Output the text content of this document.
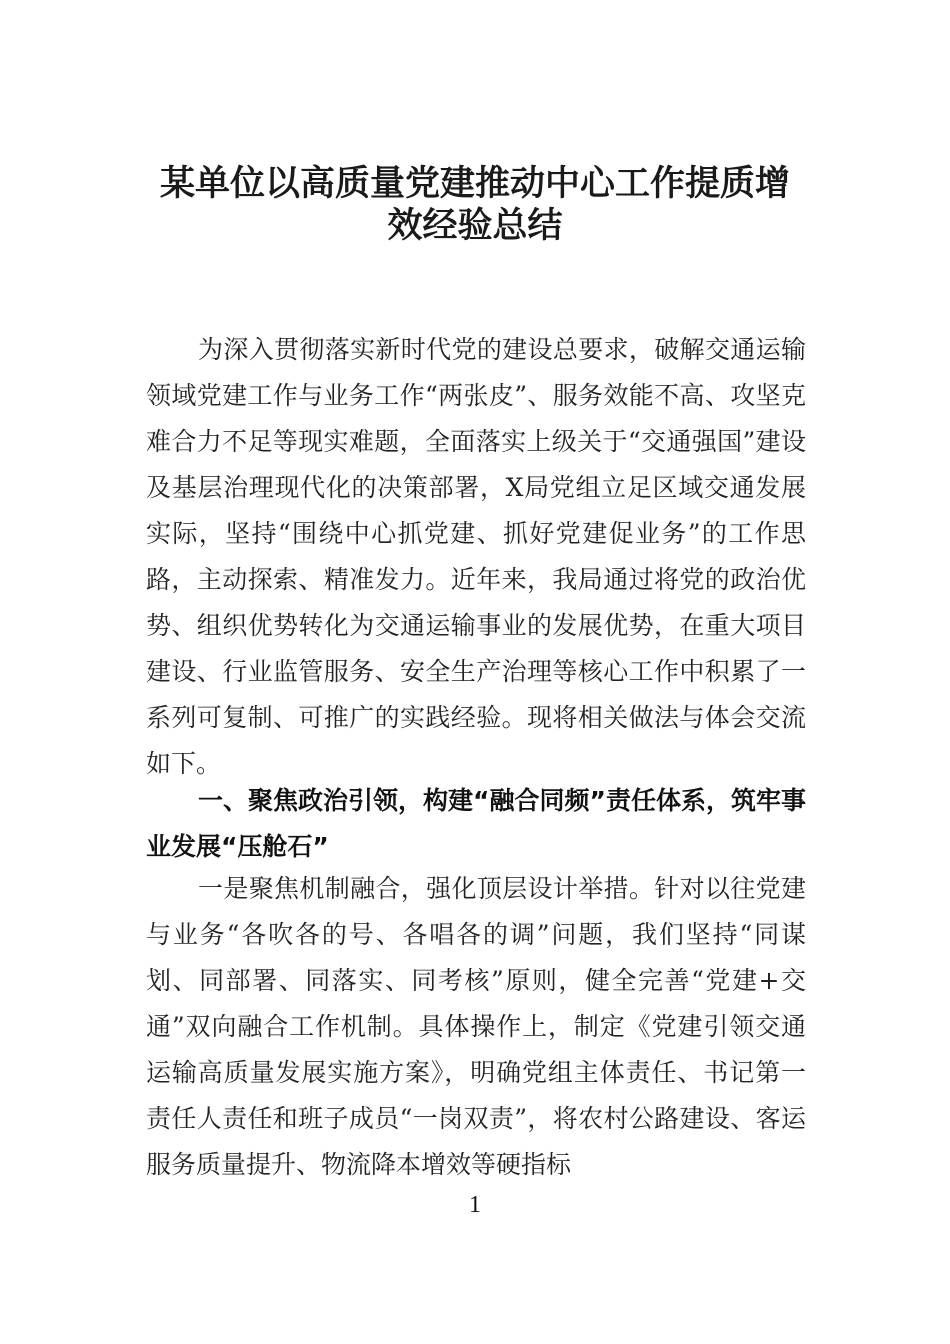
某单位以高质量党建推动中心工作提质增
效经验总结

为深入贯彻落实新时代党的建设总要求，破解交通运输领域党建工作与业务工作“两张皮”、服务效能不高、攻坚克难合力不足等现实难题，全面落实上级关于“交通强国”建设及基层治理现代化的决策部署，X局党组立足区域交通发展实际，坚持“围绕中心抓党建、抓好党建促业务”的工作思路，主动探索、精准发力。近年来，我局通过将党的政治优势、组织优势转化为交通运输事业的发展优势，在重大项目建设、行业监管服务、安全生产治理等核心工作中积累了一系列可复制、可推广的实践经验。现将相关做法与体会交流如下。

一、聚焦政治引领，构建“融合同频”责任体系，筑牢事业发展“压舱石”

一是聚焦机制融合，强化顶层设计举措。针对以往党建与业务“各吹各的号、各唱各的调”问题，我们坚持“同谋划、同部署、同落实、同考核”原则，健全完善“党建+交通”双向融合工作机制。具体操作上，制定《党建引领交通运输高质量发展实施方案》，明确党组主体责任、书记第一责任人责任和班子成员“一岗双责”，将农村公路建设、客运服务质量提升、物流降本增效等硬指标

1
